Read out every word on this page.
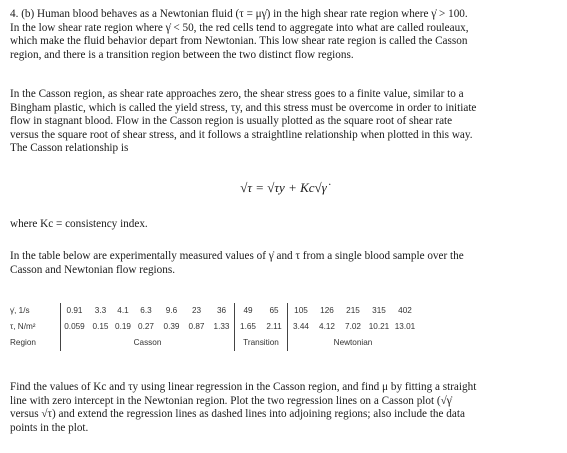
4. (b) Human blood behaves as a Newtonian fluid (τ = μγ̇) in the high shear rate region where γ̇ > 100.
In the low shear rate region where γ̇ < 50, the red cells tend to aggregate into what are called rouleaux,
which make the fluid behavior depart from Newtonian. This low shear rate region is called the Casson
region, and there is a transition region between the two distinct flow regions.

In the Casson region, as shear rate approaches zero, the shear stress goes to a finite value, similar to a
Bingham plastic, which is called the yield stress, τy, and this stress must be overcome in order to initiate
flow in stagnant blood. Flow in the Casson region is usually plotted as the square root of shear rate
versus the square root of shear stress, and it follows a straightline relationship when plotted in this way.
The Casson relationship is

√τ = √τy + Kc√γ̇

where Kc = consistency index.

In the table below are experimentally measured values of γ̇ and τ from a single blood sample over the
Casson and Newtonian flow regions.

γ̇, 1/s	0.91	3.3	4.1	6.3	9.6	23	36	49	65	105	126	215	315	402
τ, N/m²	0.059	0.15	0.19	0.27	0.39	0.87	1.33	1.65	2.11	3.44	4.12	7.02	10.21	13.01
Region	Casson							Transition		Newtonian				

Find the values of Kc and τy using linear regression in the Casson region, and find μ by fitting a straight
line with zero intercept in the Newtonian region. Plot the two regression lines on a Casson plot (√γ̇
versus √τ) and extend the regression lines as dashed lines into adjoining regions; also include the data
points in the plot.
